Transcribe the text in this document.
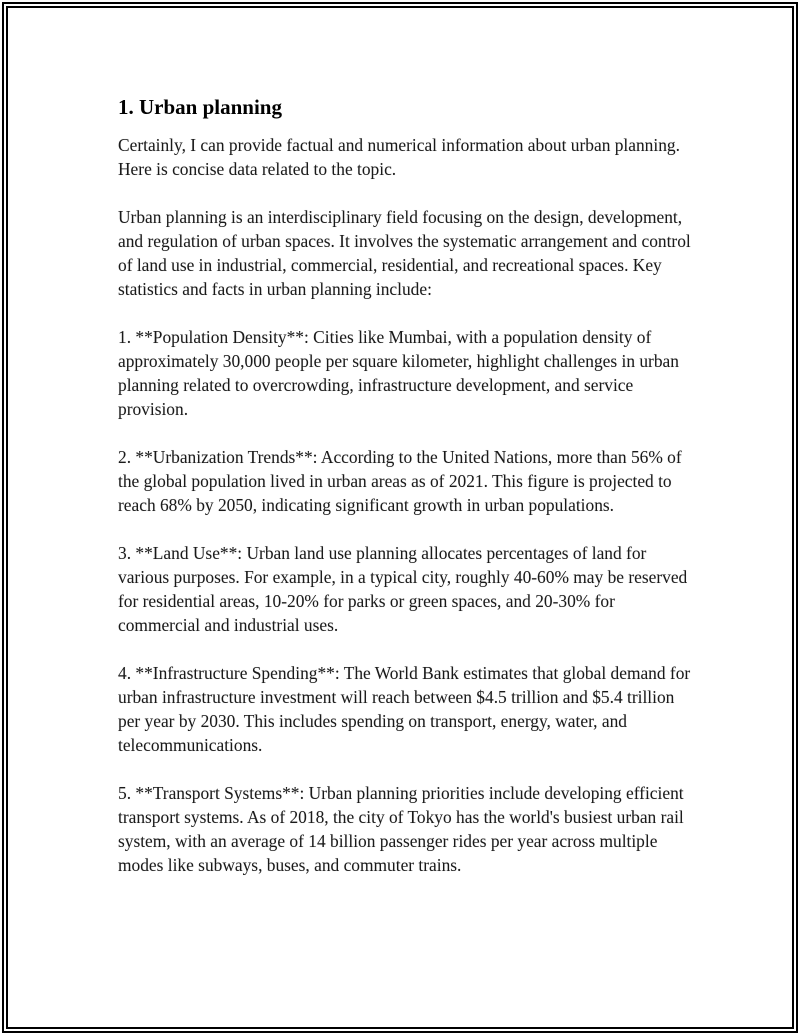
1. Urban planning

Certainly, I can provide factual and numerical information about urban planning. Here is concise data related to the topic.

Urban planning is an interdisciplinary field focusing on the design, development, and regulation of urban spaces. It involves the systematic arrangement and control of land use in industrial, commercial, residential, and recreational spaces. Key statistics and facts in urban planning include:

1. **Population Density**: Cities like Mumbai, with a population density of approximately 30,000 people per square kilometer, highlight challenges in urban planning related to overcrowding, infrastructure development, and service provision.

2. **Urbanization Trends**: According to the United Nations, more than 56% of the global population lived in urban areas as of 2021. This figure is projected to reach 68% by 2050, indicating significant growth in urban populations.

3. **Land Use**: Urban land use planning allocates percentages of land for various purposes. For example, in a typical city, roughly 40-60% may be reserved for residential areas, 10-20% for parks or green spaces, and 20-30% for commercial and industrial uses.

4. **Infrastructure Spending**: The World Bank estimates that global demand for urban infrastructure investment will reach between $4.5 trillion and $5.4 trillion per year by 2030. This includes spending on transport, energy, water, and telecommunications.

5. **Transport Systems**: Urban planning priorities include developing efficient transport systems. As of 2018, the city of Tokyo has the world's busiest urban rail system, with an average of 14 billion passenger rides per year across multiple modes like subways, buses, and commuter trains.
